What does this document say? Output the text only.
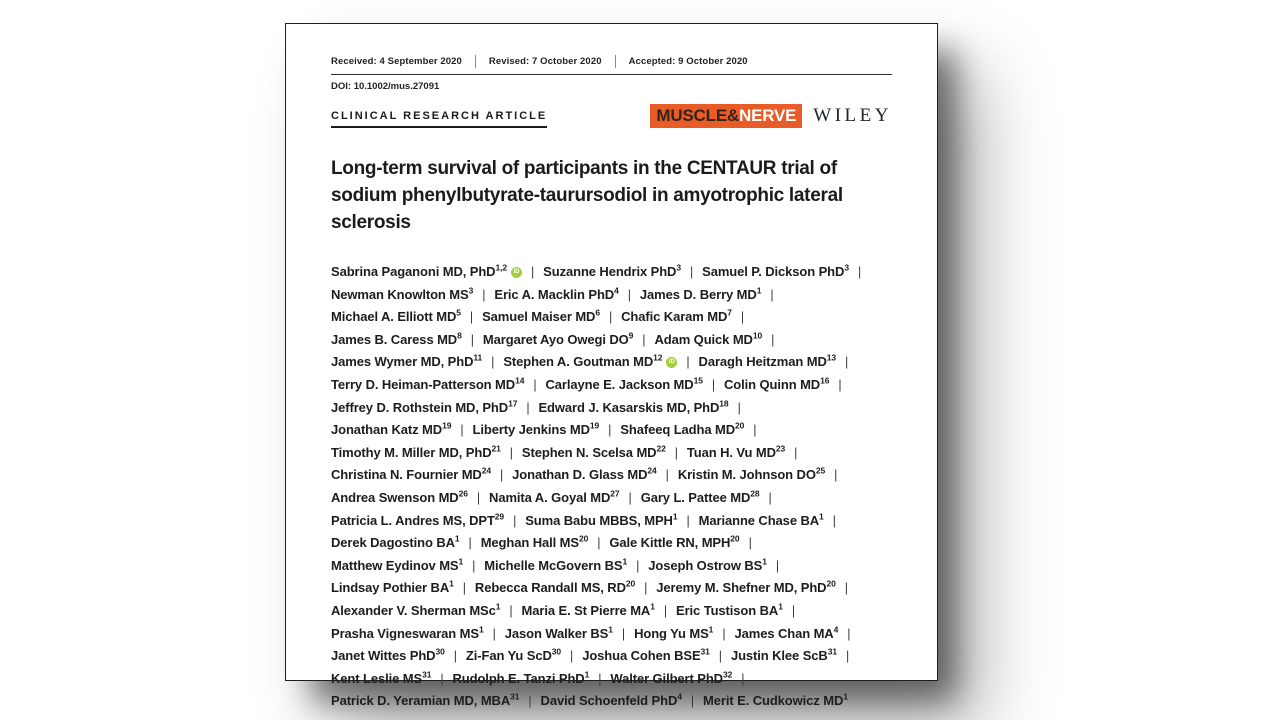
Received: 4 September 2020	Revised: 7 October 2020	Accepted: 9 October 2020
DOI: 10.1002/mus.27091
CLINICAL RESEARCH ARTICLE	MUSCLE&NERVE WILEY
Long-term survival of participants in the CENTAUR trial of
sodium phenylbutyrate-taurursodiol in amyotrophic lateral
sclerosis
Sabrina Paganoni MD, PhD$^{1,2}$ iD | Suzanne Hendrix PhD$^3$ | Samuel P. Dickson PhD$^3$ |
Newman Knowlton $MS^3$ | Eric A. Macklin PhD$^4$ | James D. Berry $MD^1$ |
Michael A. Elliott $MD^5$ | Samuel Maiser $MD^6$ | Chafic Karam $MD^7$ |
James B. Caress $MD^8$ | Margaret Ayo Owegi $DO^9$ | Adam Quick MD$^{10}$ |
James Wymer MD, PhD$^{11}$ | Stephen A. Goutman MD$^{12}$ iD | Daragh Heitzman MD$^{13}$ |
Terry D. Heiman-Patterson MD$^{14}$ | Carlayne E. Jackson MD$^{15}$ | Colin Quinn MD$^{16}$ |
Jeffrey D. Rothstein MD, PhD$^{17}$ | Edward J. Kasarskis MD, PhD$^{18}$ |
Jonathan Katz MD$^{19}$ | Liberty Jenkins MD$^{19}$ | Shafeeq Ladha MD$^{20}$ |
Timothy M. Miller MD, PhD$^{21}$ | Stephen N. Scelsa MD$^{22}$ | Tuan H. Vu MD$^{23}$ |
Christina N. Fournier MD$^{24}$ | Jonathan D. Glass MD$^{24}$ | Kristin M. Johnson DO$^{25}$ |
Andrea Swenson MD$^{26}$ | Namita A. Goyal MD$^{27}$ | Gary L. Pattee MD$^{28}$ |
Patricia L. Andres MS, DPT$^{29}$ | Suma Babu MBBS, MPH$^1$ | Marianne Chase $BA^1$ |
Derek Dagostino $BA^1$ | Meghan Hall MS$^{20}$ | Gale Kittle RN, MPH$^{20}$ |
Matthew Eydinov $MS^1$ | Michelle McGovern $BS^1$ | Joseph Ostrow $BS^1$ |
Lindsay Pothier $BA^1$ | Rebecca Randall MS, RD$^{20}$ | Jeremy M. Shefner MD, PhD$^{20}$ |
Alexander V. Sherman MSc$^1$ | Maria E. St Pierre $MA^1$ | Eric Tustison $BA^1$ |
Prasha Vigneswaran $MS^1$ | Jason Walker $BS^1$ | Hong Yu $MS^1$ | James Chan $MA^4$ |
Janet Wittes PhD$^{30}$ | Zi-Fan Yu ScD$^{30}$ | Joshua Cohen BSE$^{31}$ | Justin Klee ScB$^{31}$ |
Kent Leslie MS$^{31}$ | Rudolph E. Tanzi PhD$^1$ | Walter Gilbert PhD$^{32}$ |
Patrick D. Yeramian MD, MBA$^{31}$ | David Schoenfeld PhD$^4$ | Merit E. Cudkowicz $MD^1$
